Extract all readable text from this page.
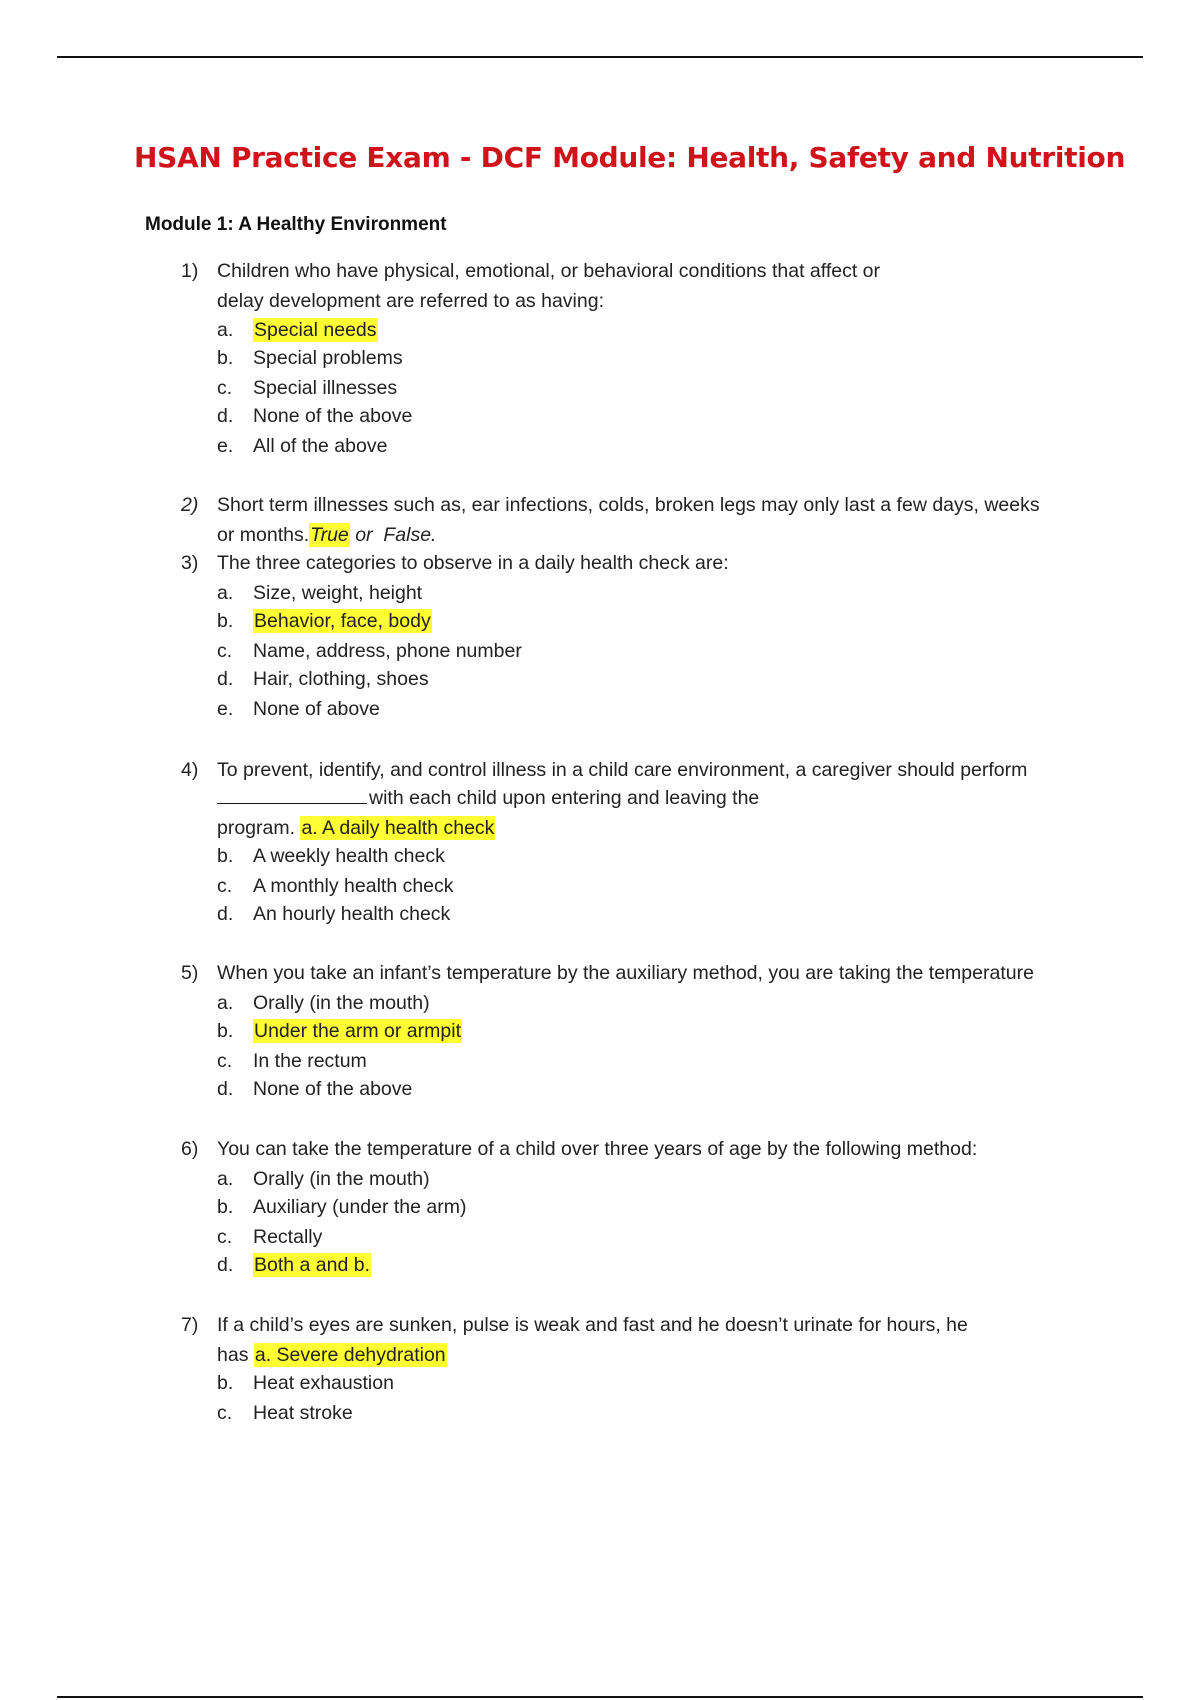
HSAN Practice Exam - DCF Module: Health, Safety and Nutrition
Module 1: A Healthy Environment
1) Children who have physical, emotional, or behavioral conditions that affect or
delay development are referred to as having:
a. Special needs
b. Special problems
c. Special illnesses
d. None of the above
e. All of the above
2) Short term illnesses such as, ear infections, colds, broken legs may only last a few days, weeks
or months.True or  False.
3) The three categories to observe in a daily health check are:
a. Size, weight, height
b. Behavior, face, body
c. Name, address, phone number
d. Hair, clothing, shoes
e. None of above
4) To prevent, identify, and control illness in a child care environment, a caregiver should perform
with each child upon entering and leaving the
program. a. A daily health check
b. A weekly health check
c. A monthly health check
d. An hourly health check
5) When you take an infant’s temperature by the auxiliary method, you are taking the temperature
a. Orally (in the mouth)
b. Under the arm or armpit
c. In the rectum
d. None of the above
6) You can take the temperature of a child over three years of age by the following method:
a. Orally (in the mouth)
b. Auxiliary (under the arm)
c. Rectally
d. Both a and b.
7) If a child’s eyes are sunken, pulse is weak and fast and he doesn’t urinate for hours, he
has a. Severe dehydration
b. Heat exhaustion
c. Heat stroke
